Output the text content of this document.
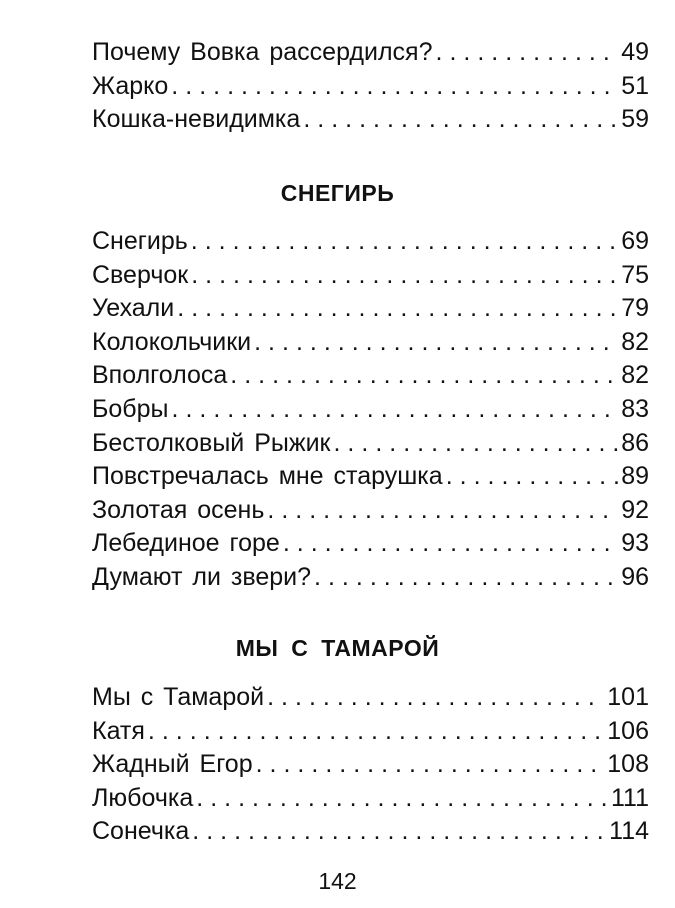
Почему Вовка рассердился? .....	49
Жарко .....	51
Кошка-невидимка .....	59
СНЕГИРЬ
Снегирь .....	69
Сверчок .....	75
Уехали .....	79
Колокольчики .....	82
Вполголоса .....	82
Бобры .....	83
Бестолковый Рыжик .....	86
Повстречалась мне старушка .....	89
Золотая осень .....	92
Лебединое горе .....	93
Думают ли звери? .....	96
МЫ С ТАМАРОЙ
Мы с Тамарой .....	101
Катя .....	106
Жадный Егор .....	108
Любочка .....	111
Сонечка .....	114
142
